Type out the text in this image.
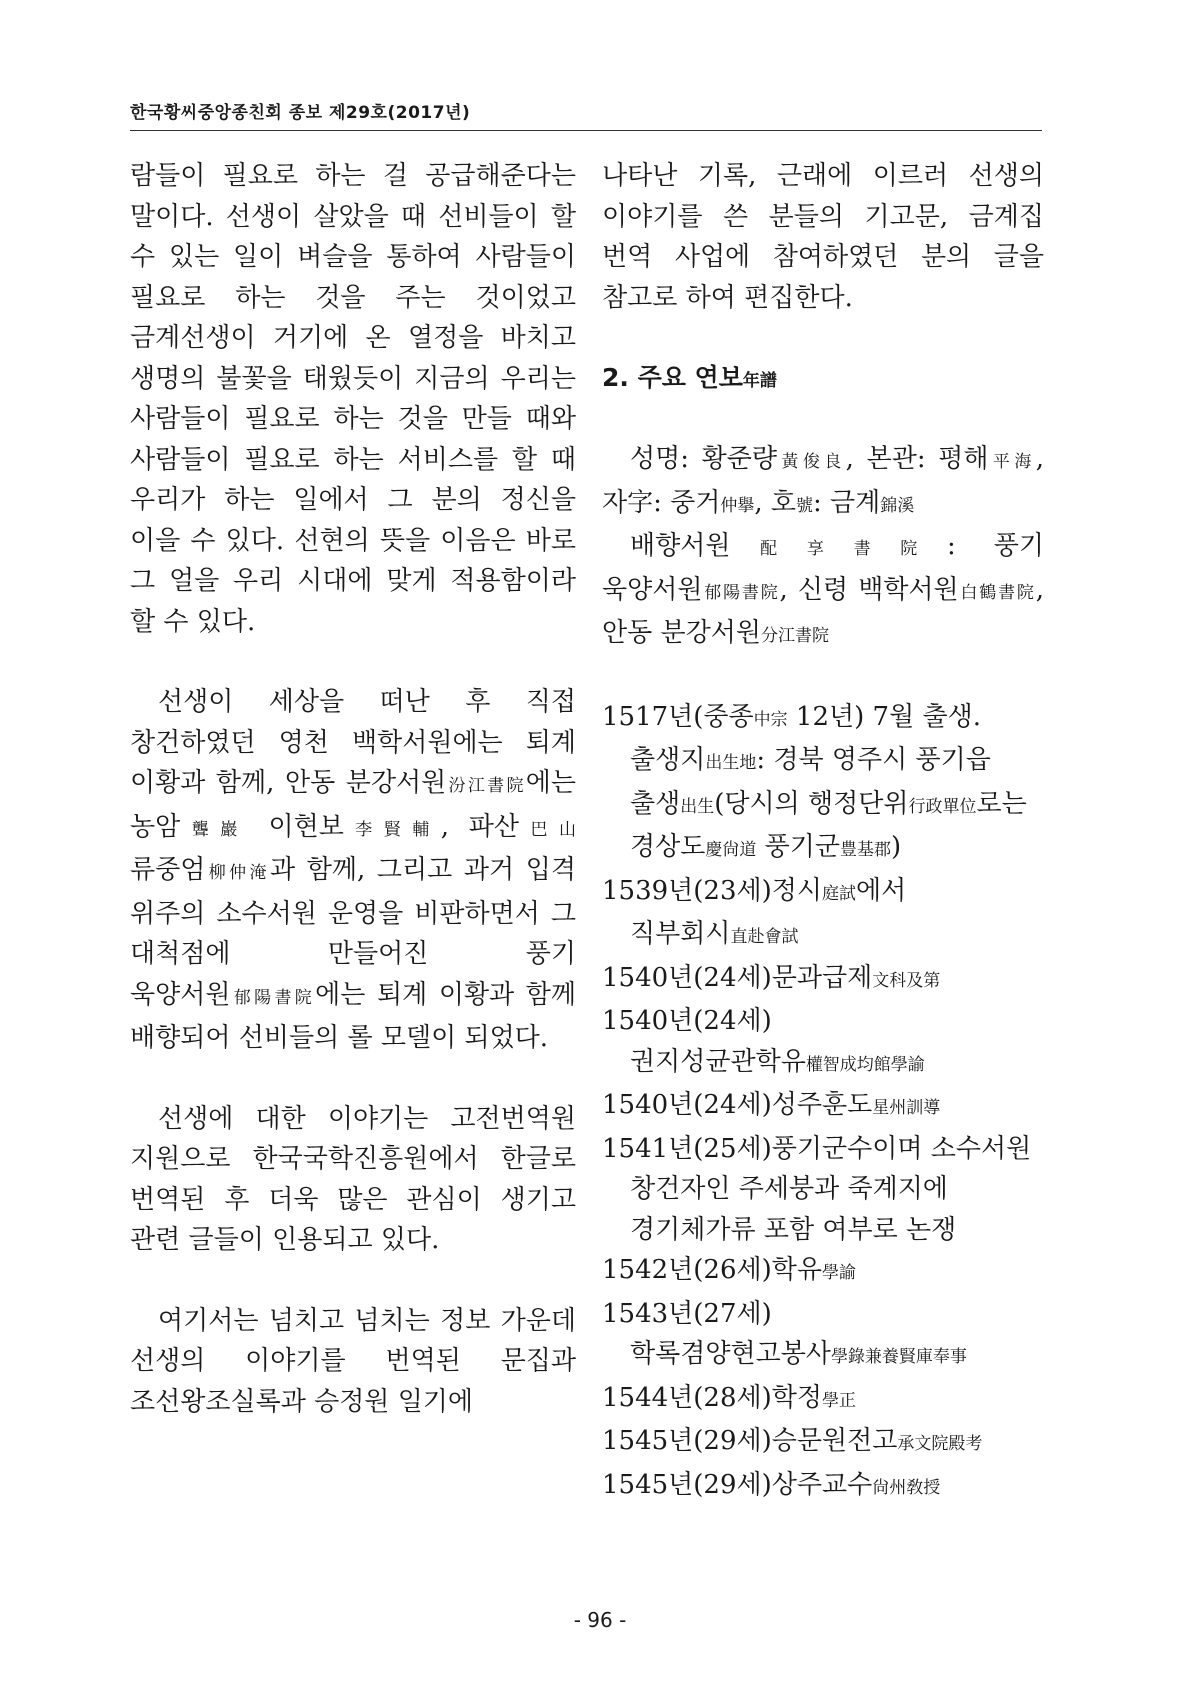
한국황씨중앙종친회 종보 제29호(2017년)

람들이 필요로 하는 걸 공급해준다는 말이다. 선생이 살았을 때 선비들이 할 수 있는 일이 벼슬을 통하여 사람들이 필요로 하는 것을 주는 것이었고 금계선생이 거기에 온 열정을 바치고 생명의 불꽃을 태웠듯이 지금의 우리는 사람들이 필요로 하는 것을 만들 때와 사람들이 필요로 하는 서비스를 할 때 우리가 하는 일에서 그 분의 정신을 이을 수 있다. 선현의 뜻을 이음은 바로 그 얼을 우리 시대에 맞게 적용함이라 할 수 있다.

선생이 세상을 떠난 후 직접 창건하였던 영천 백학서원에는 퇴계 이황과 함께, 안동 분강서원汾江書院에는 농암聾巖 이현보李賢輔, 파산巴山 류중엄柳仲淹과 함께, 그리고 과거 입격 위주의 소수서원 운영을 비판하면서 그 대척점에 만들어진 풍기 욱양서원郁陽書院에는 퇴계 이황과 함께 배향되어 선비들의 롤 모델이 되었다.

선생에 대한 이야기는 고전번역원 지원으로 한국국학진흥원에서 한글로 번역된 후 더욱 많은 관심이 생기고 관련 글들이 인용되고 있다.

여기서는 넘치고 넘치는 정보 가운데 선생의 이야기를 번역된 문집과 조선왕조실록과 승정원 일기에

나타난 기록, 근래에 이르러 선생의 이야기를 쓴 분들의 기고문, 금계집 번역 사업에 참여하였던 분의 글을 참고로 하여 편집한다.

2. 주요 연보年譜

성명: 황준량黃俊良, 본관: 평해平海, 자字: 중거仲擧, 호號: 금계錦溪

배향서원配享書院: 풍기 욱양서원郁陽書院, 신령 백학서원白鶴書院, 안동 분강서원分江書院

1517년(중종中宗 12년) 7월 출생. 출생지出生地: 경북 영주시 풍기읍 출생出生(당시의 행정단위行政單位로는 경상도慶尙道 풍기군豊基郡)

1539년(23세)정시庭試에서 직부회시直赴會試

1540년(24세)문과급제文科及第

1540년(24세)권지성균관학유權智成均館學諭

1540년(24세)성주훈도星州訓導

1541년(25세)풍기군수이며 소수서원 창건자인 주세붕과 죽계지에 경기체가류 포함 여부로 논쟁

1542년(26세)학유學諭

1543년(27세)학록겸양현고봉사學錄兼養賢庫奉事

1544년(28세)학정學正

1545년(29세)승문원전고承文院殿考

1545년(29세)상주교수尙州敎授

- 96 -
